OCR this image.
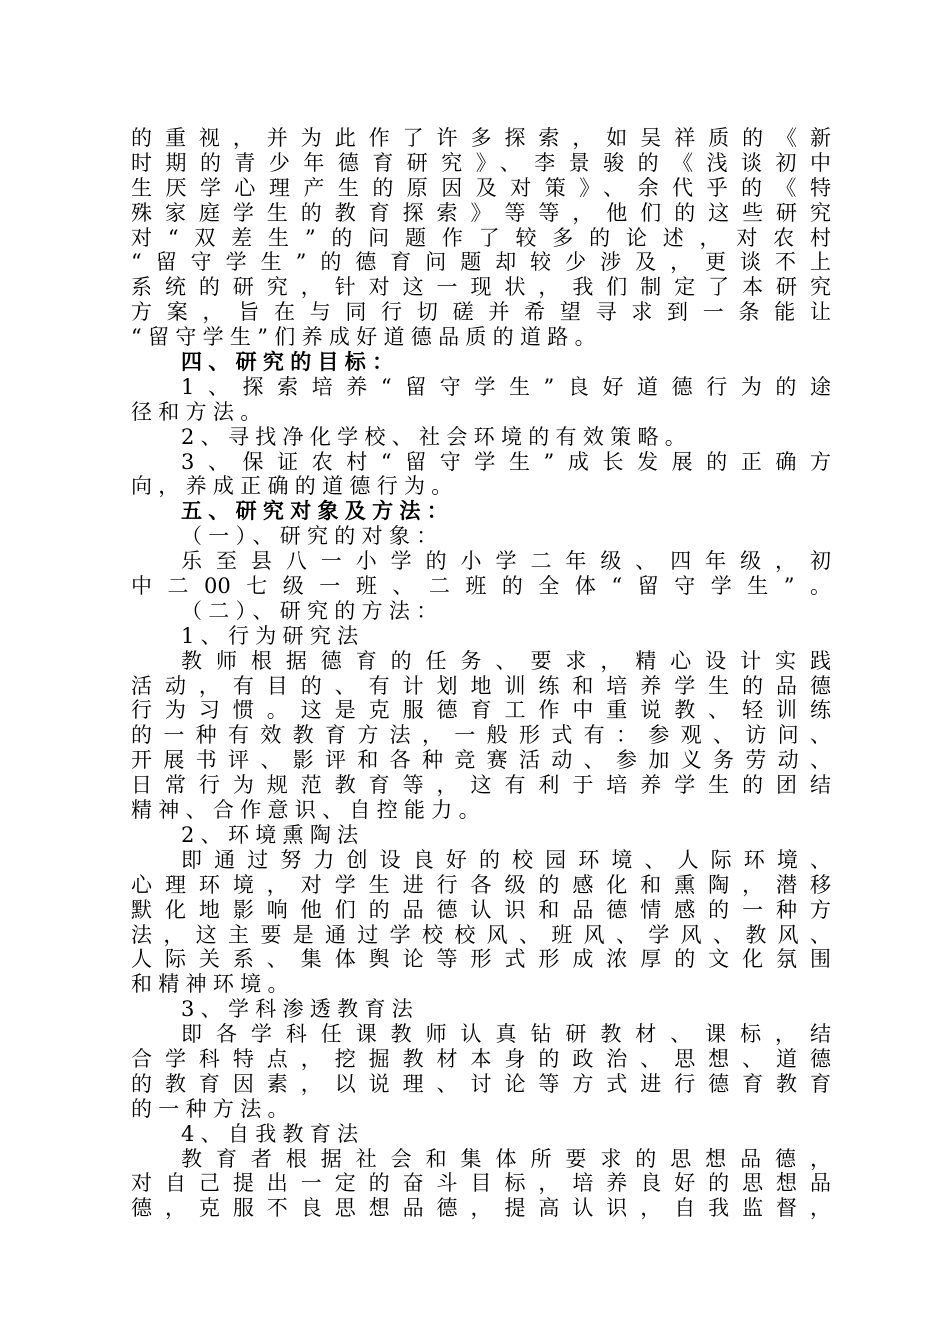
的重视，并为此作了许多探索，如吴祥质的《新
时期的青少年德育研究》、李景骏的《浅谈初中
生厌学心理产生的原因及对策》、余代乎的《特
殊家庭学生的教育探索》等等，他们的这些研究
对“双差生”的问题作了较多的论述，对农村
“留守学生”的德育问题却较少涉及，更谈不上
系统的研究，针对这一现状，我们制定了本研究
方案，旨在与同行切磋并希望寻求到一条能让
“留守学生”们养成好道德品质的道路。
四、研究的目标：
1、探索培养“留守学生”良好道德行为的途
径和方法。
2、寻找净化学校、社会环境的有效策略。
3、保证农村“留守学生”成长发展的正确方
向，养成正确的道德行为。
五、研究对象及方法：
（一）、研究的对象：
乐至县八一小学的小学二年级、四年级，初
中二00七级一班、二班的全体“留守学生”。
（二）、研究的方法：
1、行为研究法
教师根据德育的任务、要求，精心设计实践
活动，有目的、有计划地训练和培养学生的品德
行为习惯。这是克服德育工作中重说教、轻训练
的一种有效教育方法，一般形式有：参观、访问、
开展书评、影评和各种竞赛活动、参加义务劳动、
日常行为规范教育等，这有利于培养学生的团结
精神、合作意识、自控能力。
2、环境熏陶法
即通过努力创设良好的校园环境、人际环境、
心理环境，对学生进行各级的感化和熏陶，潜移
默化地影响他们的品德认识和品德情感的一种方
法，这主要是通过学校校风、班风、学风、教风、
人际关系、集体舆论等形式形成浓厚的文化氛围
和精神环境。
3、学科渗透教育法
即各学科任课教师认真钻研教材、课标，结
合学科特点，挖掘教材本身的政治、思想、道德
的教育因素，以说理、讨论等方式进行德育教育
的一种方法。
4、自我教育法
教育者根据社会和集体所要求的思想品德，
对自己提出一定的奋斗目标，培养良好的思想品
德，克服不良思想品德，提高认识，自我监督，
